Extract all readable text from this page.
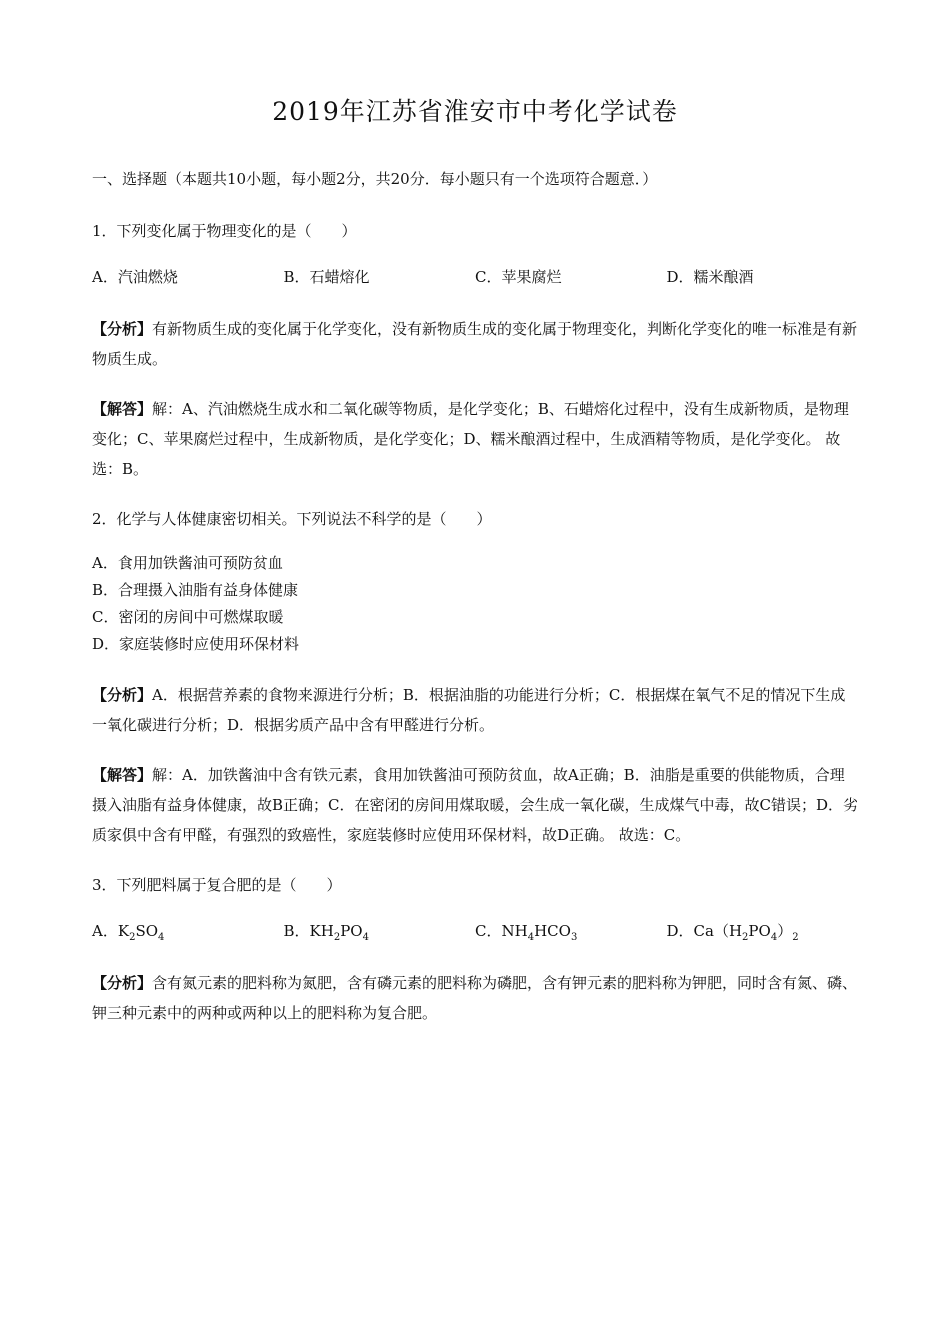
2019年江苏省淮安市中考化学试卷
一、选择题（本题共10小题，每小题2分，共20分．每小题只有一个选项符合题意．）
1．下列变化属于物理变化的是（　　）
A．汽油燃烧	B．石蜡熔化	C．苹果腐烂	D．糯米酿酒
【分析】有新物质生成的变化属于化学变化，没有新物质生成的变化属于物理变化，判断化学变化的唯一标准是有新物质生成。
【解答】解：A、汽油燃烧生成水和二氧化碳等物质，是化学变化；B、石蜡熔化过程中，没有生成新物质，是物理变化；C、苹果腐烂过程中，生成新物质，是化学变化；D、糯米酿酒过程中，生成酒精等物质，是化学变化。 故选：B。
2．化学与人体健康密切相关。下列说法不科学的是（　　）
A．食用加铁酱油可预防贫血
B．合理摄入油脂有益身体健康
C．密闭的房间中可燃煤取暖
D．家庭装修时应使用环保材料
【分析】A．根据营养素的食物来源进行分析；B．根据油脂的功能进行分析；C．根据煤在氧气不足的情况下生成一氧化碳进行分析；D．根据劣质产品中含有甲醛进行分析。
【解答】解：A．加铁酱油中含有铁元素，食用加铁酱油可预防贫血，故A正确；B．油脂是重要的供能物质，合理摄入油脂有益身体健康，故B正确；C．在密闭的房间用煤取暖，会生成一氧化碳，生成煤气中毒，故C错误；D．劣质家俱中含有甲醛，有强烈的致癌性，家庭装修时应使用环保材料，故D正确。 故选：C。
3．下列肥料属于复合肥的是（　　）
A．$K_2SO_4$	B．$KH_2PO_4$	C．$NH_4HCO_3$	D．$Ca(H_2PO_4)_2$
【分析】含有氮元素的肥料称为氮肥，含有磷元素的肥料称为磷肥，含有钾元素的肥料称为钾肥，同时含有氮、磷、钾三种元素中的两种或两种以上的肥料称为复合肥。
